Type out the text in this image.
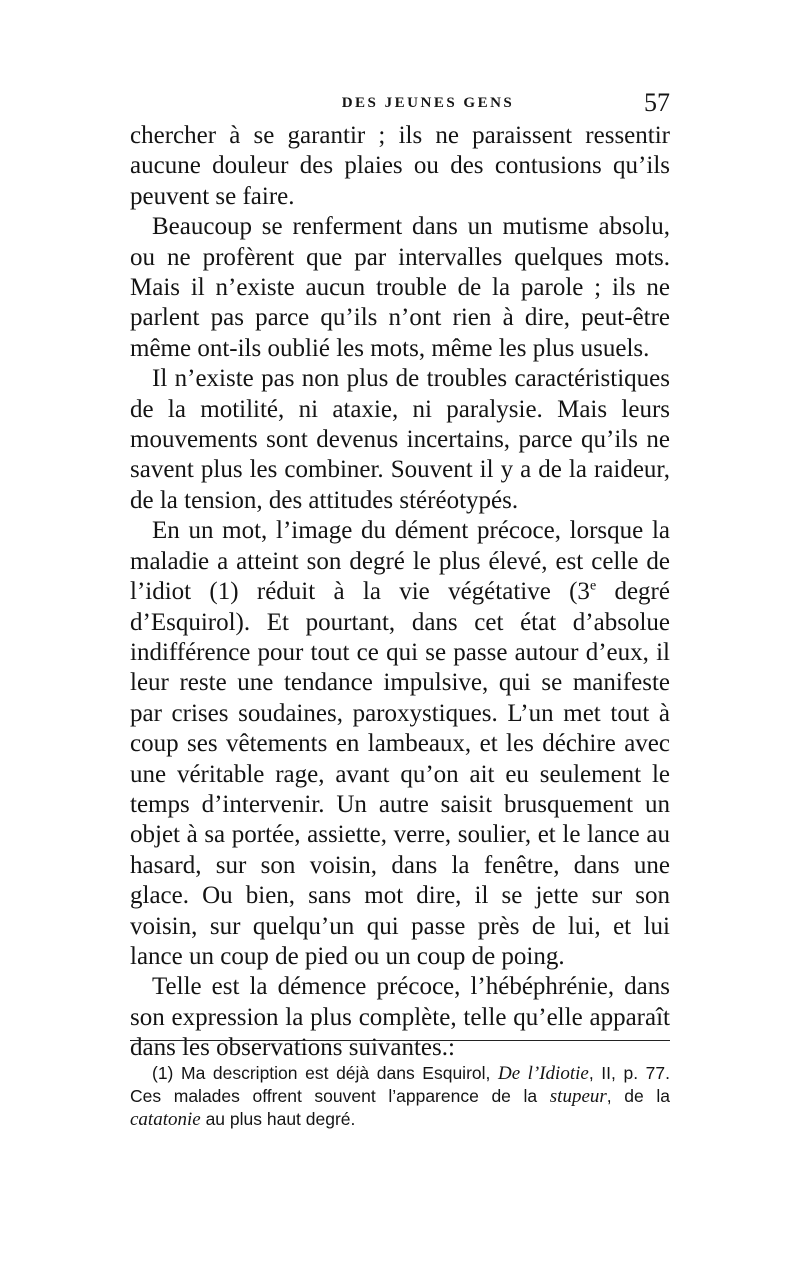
DES JEUNES GENS	57

chercher à se garantir ; ils ne paraissent ressentir aucune douleur des plaies ou des contusions qu’ils peuvent se faire.

Beaucoup se renferment dans un mutisme absolu, ou ne profèrent que par intervalles quelques mots. Mais il n’existe aucun trouble de la parole ; ils ne parlent pas parce qu’ils n’ont rien à dire, peut-être même ont-ils oublié les mots, même les plus usuels.

Il n’existe pas non plus de troubles caractéristiques de la motilité, ni ataxie, ni paralysie. Mais leurs mouvements sont devenus incertains, parce qu’ils ne savent plus les combiner. Souvent il y a de la raideur, de la tension, des attitudes stéréotypés.

En un mot, l’image du dément précoce, lorsque la maladie a atteint son degré le plus élevé, est celle de l’idiot (1) réduit à la vie végétative (3e degré d’Esquirol). Et pourtant, dans cet état d’absolue indifférence pour tout ce qui se passe autour d’eux, il leur reste une tendance impulsive, qui se manifeste par crises soudaines, paroxystiques. L’un met tout à coup ses vêtements en lambeaux, et les déchire avec une véritable rage, avant qu’on ait eu seulement le temps d’intervenir. Un autre saisit brusquement un objet à sa portée, assiette, verre, soulier, et le lance au hasard, sur son voisin, dans la fenêtre, dans une glace. Ou bien, sans mot dire, il se jette sur son voisin, sur quelqu’un qui passe près de lui, et lui lance un coup de pied ou un coup de poing.

Telle est la démence précoce, l’hébéphrénie, dans son expression la plus complète, telle qu’elle apparaît dans les observations suivantes.:

(1) Ma description est déjà dans Esquirol, De l’Idiotie, II, p. 77. Ces malades offrent souvent l’apparence de la stupeur, de la catatonie au plus haut degré.
